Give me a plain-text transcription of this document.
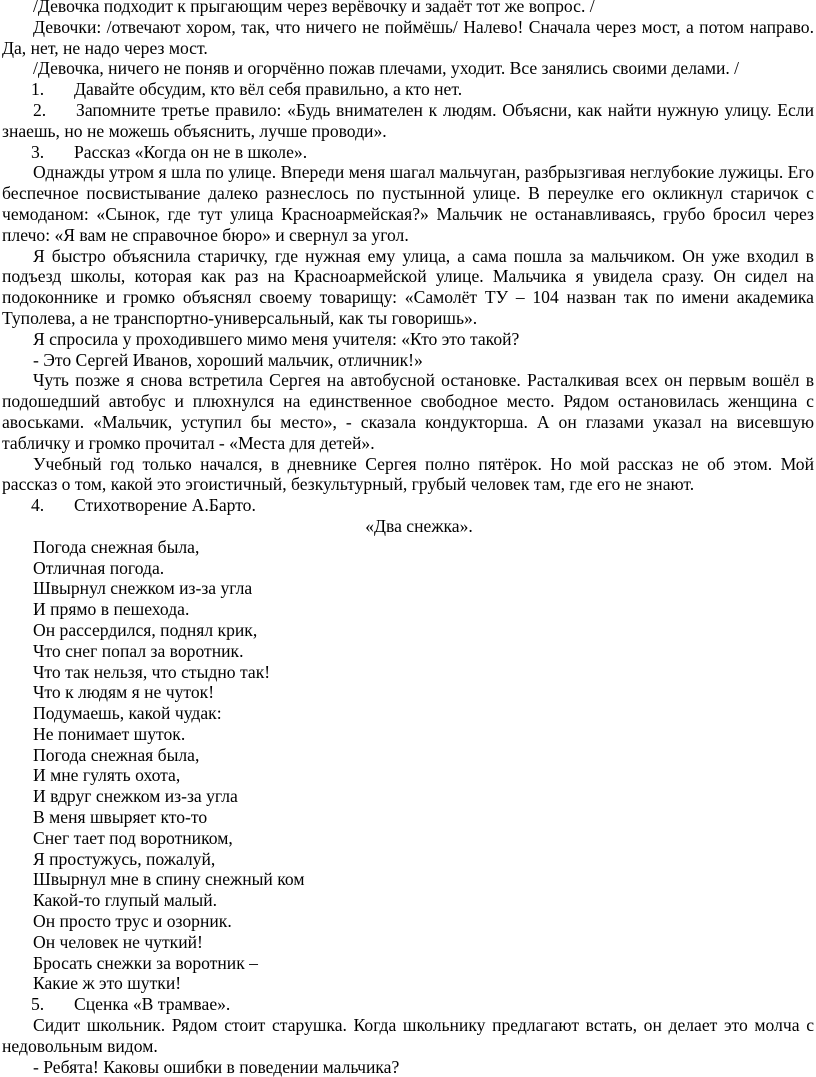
/Девочка подходит к прыгающим через верёвочку и задаёт тот же вопрос. /

Девочки: /отвечают хором, так, что ничего не поймёшь/ Налево! Сначала через мост, а потом направо. Да, нет, не надо через мост.

/Девочка, ничего не поняв и огорчённо пожав плечами, уходит. Все занялись своими делами. /

1. Давайте обсудим, кто вёл себя правильно, а кто нет.

2. Запомните третье правило: «Будь внимателен к людям. Объясни, как найти нужную улицу. Если знаешь, но не можешь объяснить, лучше проводи».

3. Рассказ «Когда он не в школе».

Однажды утром я шла по улице. Впереди меня шагал мальчуган, разбрызгивая неглубокие лужицы. Его беспечное посвистывание далеко разнеслось по пустынной улице. В переулке его окликнул старичок с чемоданом: «Сынок, где тут улица Красноармейская?» Мальчик не останавливаясь, грубо бросил через плечо: «Я вам не справочное бюро» и свернул за угол.

Я быстро объяснила старичку, где нужная ему улица, а сама пошла за мальчиком. Он уже входил в подъезд школы, которая как раз на Красноармейской улице. Мальчика я увидела сразу. Он сидел на подоконнике и громко объяснял своему товарищу: «Самолёт ТУ – 104 назван так по имени академика Туполева, а не транспортно-универсальный, как ты говоришь».

Я спросила у проходившего мимо меня учителя: «Кто это такой?

- Это Сергей Иванов, хороший мальчик, отличник!»

Чуть позже я снова встретила Сергея на автобусной остановке. Расталкивая всех он первым вошёл в подошедший автобус и плюхнулся на единственное свободное место. Рядом остановилась женщина с авоськами. «Мальчик, уступил бы место», - сказала кондукторша. А он глазами указал на висевшую табличку и громко прочитал - «Места для детей».

Учебный год только начался, в дневнике Сергея полно пятёрок. Но мой рассказ не об этом. Мой рассказ о том, какой это эгоистичный, безкультурный, грубый человек там, где его не знают.

4. Стихотворение А.Барто.

«Два снежка».

Погода снежная была,

Отличная погода.

Швырнул снежком из-за угла

И прямо в пешехода.

Он рассердился, поднял крик,

Что снег попал за воротник.

Что так нельзя, что стыдно так!

Что к людям я не чуток!

Подумаешь, какой чудак:

Не понимает шуток.

Погода снежная была,

И мне гулять охота,

И вдруг снежком из-за угла

В меня швыряет кто-то

Снег тает под воротником,

Я простужусь, пожалуй,

Швырнул мне в спину снежный ком

Какой-то глупый малый.

Он просто трус и озорник.

Он человек не чуткий!

Бросать снежки за воротник –

Какие ж это шутки!

5. Сценка «В трамвае».

Сидит школьник. Рядом стоит старушка. Когда школьнику предлагают встать, он делает это молча с недовольным видом.

- Ребята! Каковы ошибки в поведении мальчика?
